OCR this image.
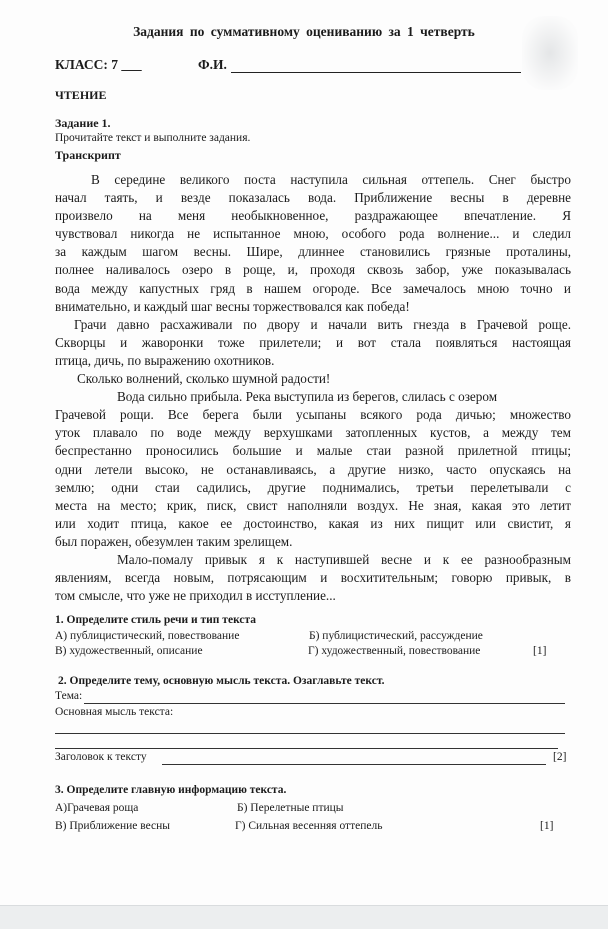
Задания по суммативному оцениванию за 1 четверть
КЛАСС: 7 ___	Ф.И.
ЧТЕНИЕ
Задание 1.
Прочитайте текст и выполните задания.
Транскрипт

В середине великого поста наступила сильная оттепель. Снег быстро
начал таять, и везде показалась вода. Приближение весны в деревне
произвело на меня необыкновенное, раздражающее впечатление. Я
чувствовал никогда не испытанное мною, особого рода волнение... и следил
за каждым шагом весны. Шире, длиннее становились грязные проталины,
полнее наливалось озеро в роще, и, проходя сквозь забор, уже показывалась
вода между капустных гряд в нашем огороде. Все замечалось мною точно и
внимательно, и каждый шаг весны торжествовался как победа!

Грачи давно расхаживали по двору и начали вить гнезда в Грачевой роще.
Скворцы и жаворонки тоже прилетели; и вот стала появляться настоящая
птица, дичь, по выражению охотников.

Сколько волнений, сколько шумной радости!

Вода сильно прибыла. Река выступила из берегов, слилась с озером
Грачевой рощи. Все берега были усыпаны всякого рода дичью; множество
уток плавало по воде между верхушками затопленных кустов, а между тем
беспрестанно проносились большие и малые стаи разной прилетной птицы;
одни летели высоко, не останавливаясь, а другие низко, часто опускаясь на
землю; одни стаи садились, другие поднимались, третьи перелетывали с
места на место; крик, писк, свист наполняли воздух. Не зная, какая это летит
или ходит птица, какое ее достоинство, какая из них пищит или свистит, я
был поражен, обезумлен таким зрелищем.

Мало-помалу привык я к наступившей весне и к ее разнообразным
явлениям, всегда новым, потрясающим и восхитительным; говорю привык, в
том смысле, что уже не приходил в исступление...

1. Определите стиль речи и тип текста
А) публицистический, повествование	Б) публицистический, рассуждение
В) художественный, описание	Г) художественный, повествование	[1]
2. Определите тему, основную мысль текста. Озаглавьте текст.
Тема:
Основная мысль текста:
Заголовок к тексту	[2]
3. Определите главную информацию текста.
А)Грачевая роща	Б) Перелетные птицы
В) Приближение весны	Г) Сильная весенняя оттепель	[1]
